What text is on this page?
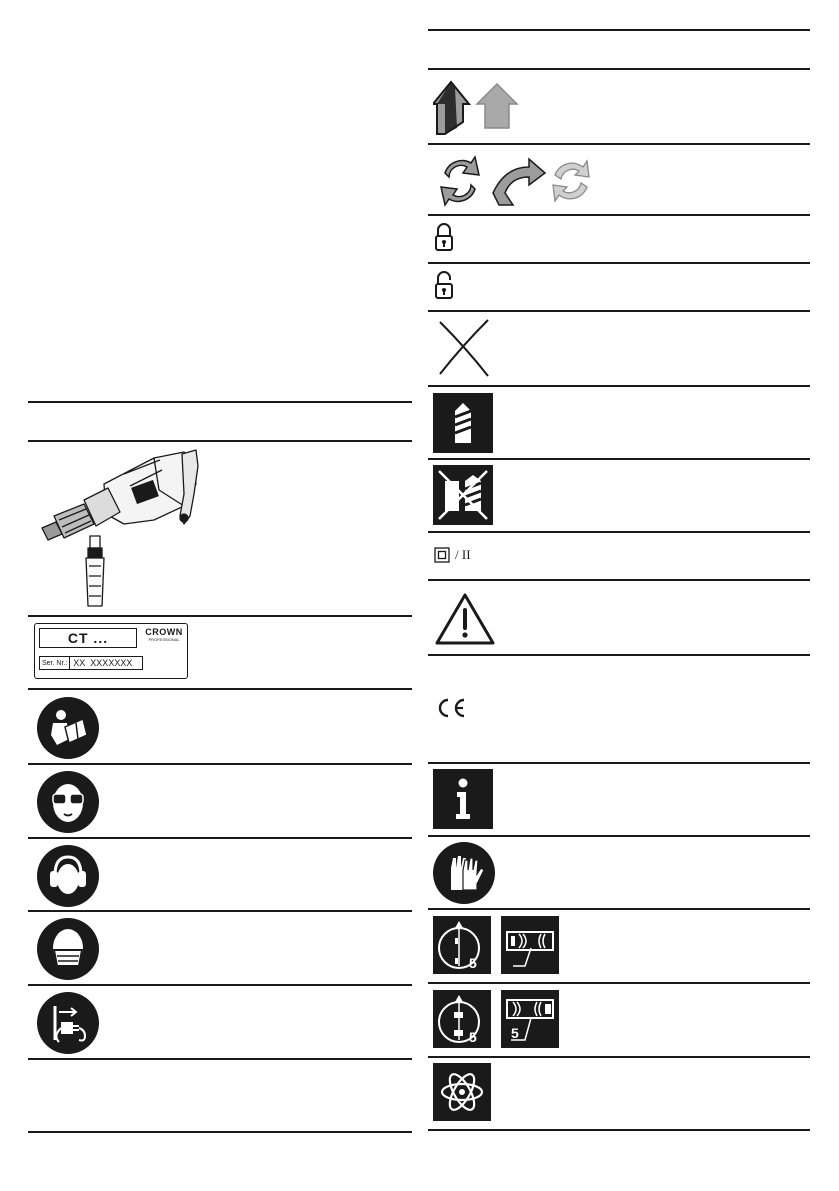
CT ...	CROWN
PROFESSIONAL
Ser. Nr.: XX  XXXXXXX
/ II
5
5 5
